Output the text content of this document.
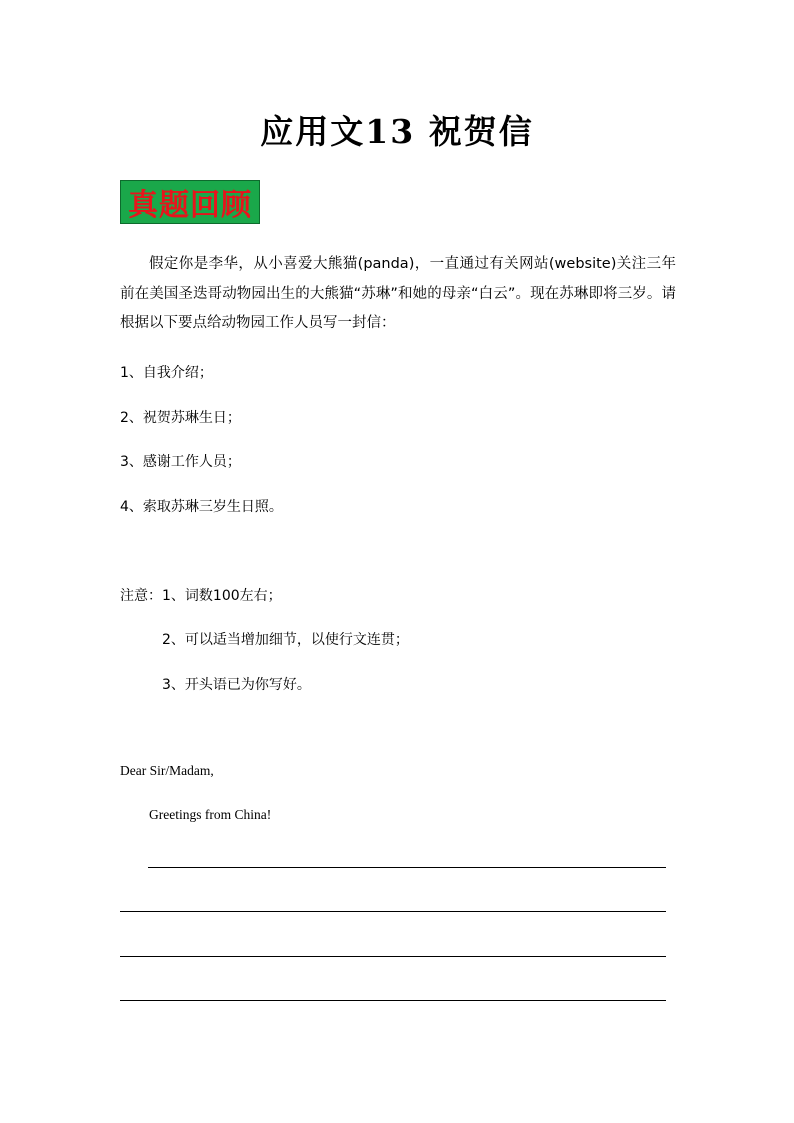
应用文13 祝贺信
真题回顾
假定你是李华，从小喜爱大熊猫(panda)，一直通过有关网站(website)关注三年前在美国圣迭哥动物园出生的大熊猫“苏琳”和她的母亲“白云”。现在苏琳即将三岁。请根据以下要点给动物园工作人员写一封信：
1、自我介绍；
2、祝贺苏琳生日；
3、感谢工作人员；
4、索取苏琳三岁生日照。
注意：1、词数100左右；
2、可以适当增加细节，以使行文连贯；
3、开头语已为你写好。
Dear Sir/Madam,
Greetings from China!
